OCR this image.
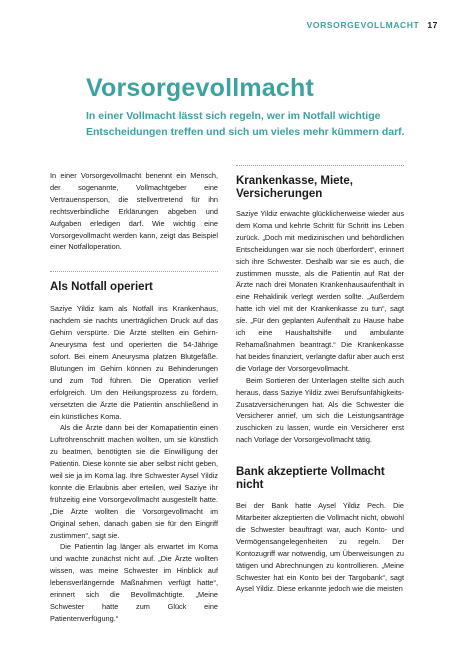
VORSORGEVOLLMACHT 17
Vorsorgevollmacht

In einer Vollmacht lässt sich regeln, wer im Notfall wichtige Entscheidungen treffen und sich um vieles mehr kümmern darf.

In einer Vorsorgevollmacht benennt ein Mensch, der sogenannte, Vollmachtgeber eine Vertrauensperson, die stellvertretend für ihn rechtsverbindliche Erklärungen abgeben und Aufgaben erledigen darf. Wie wichtig eine Vorsorgevollmacht werden kann, zeigt das Beispiel einer Notfalloperation.

Als Notfall operiert

Saziye Yildiz kam als Notfall ins Krankenhaus, nachdem sie nachts unerträglichen Druck auf das Gehirn verspürte. Die Ärzte stellten ein Gehirn-Aneurysma fest und operierten die 54-Jährige sofort. Bei einem Aneurysma platzen Blutgefäße. Blutungen im Gehirn können zu Behinderungen und zum Tod führen. Die Operation verlief erfolgreich. Um den Heilungsprozess zu fördern, versetzten die Ärzte die Patientin anschließend in ein künstliches Koma.

Als die Ärzte dann bei der Komapatientin einen Luftröhrenschnitt machen wollten, um sie künstlich zu beatmen, benötigten sie die Einwilligung der Patientin. Diese konnte sie aber selbst nicht geben, weil sie ja im Koma lag. Ihre Schwester Aysel Yildiz konnte die Erlaubnis aber erteilen, weil Saziye ihr frühzeitig eine Vorsorgevollmacht ausgestellt hatte. „Die Ärzte wollten die Vorsorgevollmacht im Original sehen, danach gaben sie für den Eingriff zustimmen“, sagt sie.

Die Patientin lag länger als erwartet im Koma und wachte zunächst nicht auf. „Die Ärzte wollten wissen, was meine Schwester im Hinblick auf lebensverlängernde Maßnahmen verfügt hatte“, erinnert sich die Bevollmächtigte. „Meine Schwester hatte zum Glück eine Patientenverfügung.“

Krankenkasse, Miete, Versicherungen

Saziye Yildiz erwachte glücklicherweise wieder aus dem Koma und kehrte Schritt für Schritt ins Leben zurück. „Doch mit medizinischen und behördlichen Entscheidungen war sie noch überfordert“, erinnert sich ihre Schwester. Deshalb war sie es auch, die zustimmen musste, als die Patientin auf Rat der Ärzte nach drei Monaten Krankenhausaufenthalt in eine Rehaklinik verlegt werden sollte. „Außerdem hatte ich viel mit der Krankenkasse zu tun“, sagt sie. „Für den geplanten Aufenthalt zu Hause habe ich eine Haushaltshilfe und ambulante Rehamaßnahmen beantragt.“ Die Krankenkasse hat beides finanziert, verlangte dafür aber auch erst die Vorlage der Vorsorgevollmacht.

Beim Sortieren der Unterlagen stellte sich auch heraus, dass Saziye Yildiz zwei Berufsunfähigkeits-Zusatzversicherungen hat. Als die Schwester die Versicherer anrief, um sich die Leistungsanträge zuschicken zu lassen, wurde ein Versicherer erst nach Vorlage der Vorsorgevollmacht tätig.

Bank akzeptierte Vollmacht nicht

Bei der Bank hatte Aysel Yildiz Pech. Die Mitarbeiter akzeptierten die Vollmacht nicht, obwohl die Schwester beauftragt war, auch Konto- und Vermögensangelegenheiten zu regeln. Der Kontozugriff war notwendig, um Überweisungen zu tätigen und Abrechnungen zu kontrollieren. „Meine Schwester hat ein Konto bei der Targobank“, sagt Aysel Yildiz. Diese erkannte jedoch wie die meisten
